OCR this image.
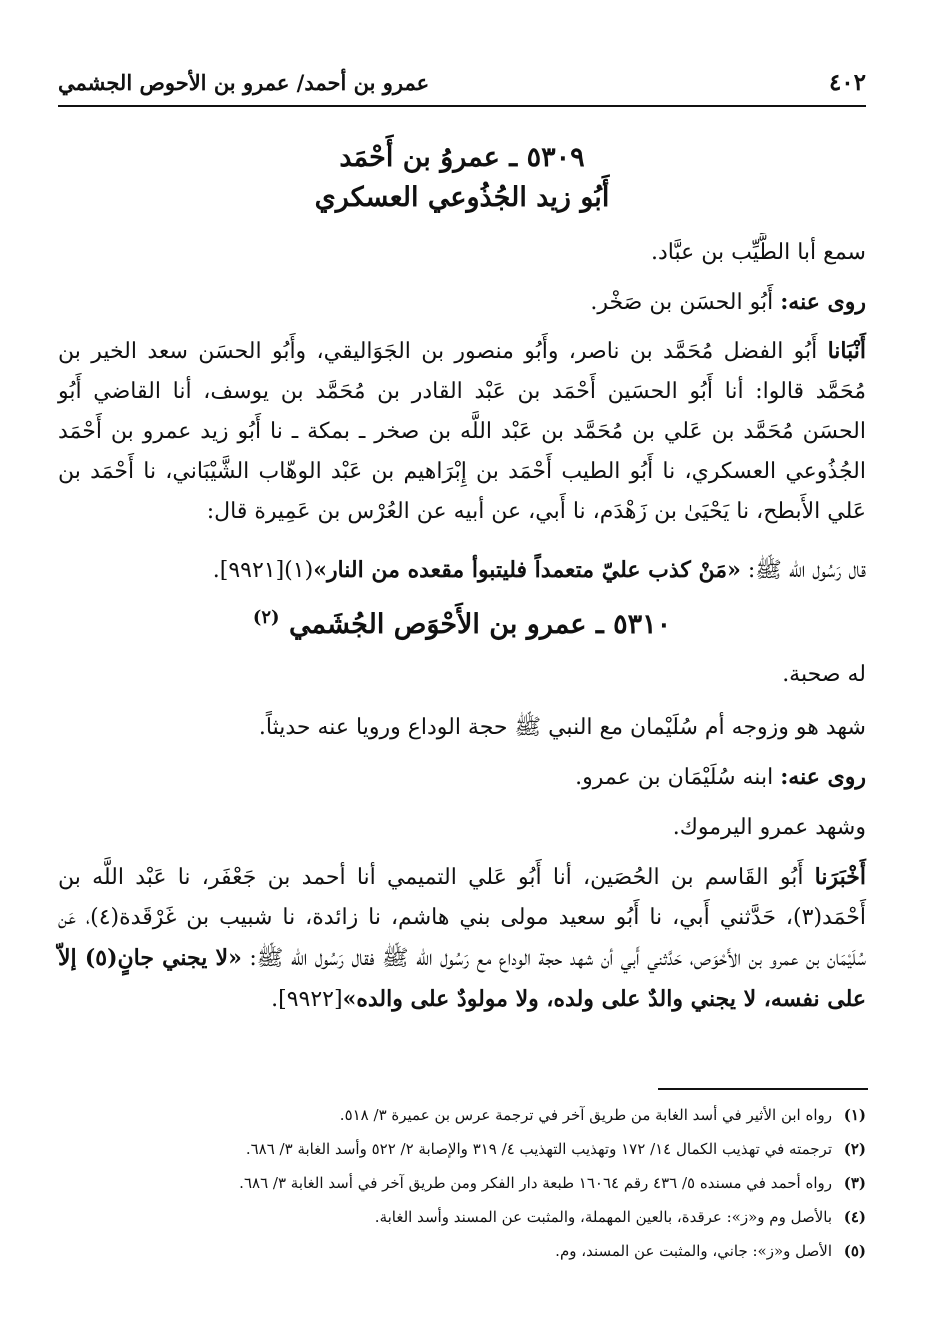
٤٠٢
عمرو بن أحمد/ عمرو بن الأحوص الجشمي
٥٣٠٩ ـ عمروُ بن أَحْمَد
أَبُو زيد الجُذُوعي العسكري
سمع أبا الطَّيِّب بن عبَّاد.
روى عنه: أَبُو الحسَن بن صَخْر.
أَنْبَانا أَبُو الفضل مُحَمَّد بن ناصر، وأَبُو منصور بن الجَوَاليقي، وأَبُو الحسَن سعد الخير بن مُحَمَّد قالوا: أنا أَبُو الحسَين أَحْمَد بن عَبْد القادر بن مُحَمَّد بن يوسف، أنا القاضي أَبُو الحسَن مُحَمَّد بن عَلي بن مُحَمَّد بن عَبْد اللَّه بن صخر ـ بمكة ـ نا أَبُو زيد عمرو بن أَحْمَد الجُذُوعي العسكري، نا أَبُو الطيب أَحْمَد بن إِبْرَاهيم بن عَبْد الوهّاب الشَّيْبَاني، نا أَحْمَد بن عَلي الأَبطح، نا يَحْيَىٰ بن زَهْدَم، نا أَبي، عن أبيه عن العُرْس بن عَمِيرة قال:
قال رَسُول الله ﷺ: «مَنْ كذب عليّ متعمداً فليتبوأ مقعده من النار»(١)[٩٩٢١].
٥٣١٠ ـ عمرو بن الأَحْوَص الجُشَمي $^{(٢)}$
له صحبة.
شهد هو وزوجه أم سُلَيْمان مع النبي ﷺ حجة الوداع ورويا عنه حديثاً.
روى عنه: ابنه سُلَيْمَان بن عمرو.
وشهد عمرو اليرموك.
أَخْبَرَنا أَبُو القَاسم بن الحُصَين، أنا أَبُو عَلي التميمي أنا أحمد بن جَعْفَر، نا عَبْد اللَّه بن أَحْمَد(٣)، حَدَّثني أَبي، نا أَبُو سعيد مولى بني هاشم، نا زائدة، نا شبيب بن غَرْقَدة(٤)، عَن سُلَيْمَان بن عمرو بن الأَحْوَص، حَدَّثني أَبي أن شهد حجة الوداع مع رَسُول الله ﷺ فقال رَسُول الله ﷺ: «لا يجني جانٍ(٥) إلاّ على نفسه، لا يجني والدٌ على ولده، ولا مولودٌ على والده»[٩٩٢٢].
(١)
رواه ابن الأثير في أسد الغابة من طريق آخر في ترجمة عرس بن عميرة ٣/ ٥١٨.
(٢)
ترجمته في تهذيب الكمال ١٤/ ١٧٢ وتهذيب التهذيب ٤/ ٣١٩ والإصابة ٢/ ٥٢٢ وأسد الغابة ٣/ ٦٨٦.
(٣)
رواه أحمد في مسنده ٥/ ٤٣٦ رقم ١٦٠٦٤ طبعة دار الفكر ومن طريق آخر في أسد الغابة ٣/ ٦٨٦.
(٤)
بالأصل وم و«ز»: عرقدة، بالعين المهملة، والمثبت عن المسند وأسد الغابة.
(٥)
الأصل و«ز»: جاني، والمثبت عن المسند، وم.
